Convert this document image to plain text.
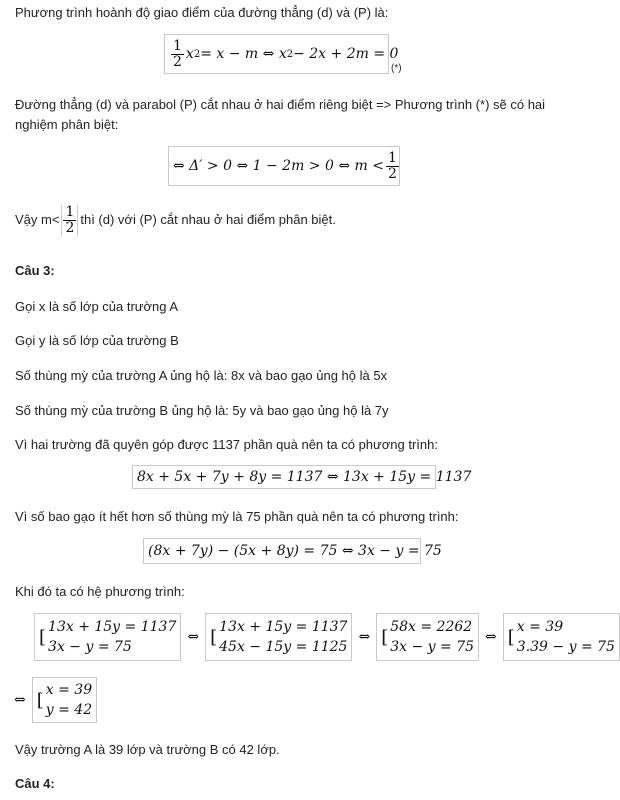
Phương trình hoành độ giao điểm của đường thẳng (d) và (P) là:
$\frac{1}{2}$ x 2 = x − m ⇔ x 2 − 2x + 2m = 0
(*)
Đường thẳng (d) và parabol (P) cắt nhau ở hai điểm riêng biệt => Phương trình (*) sẽ có hai
nghiệm phân biệt:
⇔ Δ′ > 0 ⇔ 1 − 2m > 0 ⇔ $m < \frac{1}{2}$
Vậy $m< \frac{1}{2}$ thì (d) với (P) cắt nhau ở hai điểm phân biệt.
Câu 3:
Gọi x là số lớp của trường A
Gọi y là số lớp của trường B
Số thùng mỳ của trường A ủng hộ là: 8x và bao gạo ủng hộ là 5x
Số thùng mỳ của trường B ủng hộ là: 5y và bao gạo ủng hộ là 7y
Vì hai trường đã quyên góp được 1137 phần quà nên ta có phương trình:
8x + 5x + 7y + 8y = 1137 ⇔ 13x + 15y = 1137
Vì số bao gạo ít hết hơn số thùng mỳ là 75 phần quà nên ta có phương trình:
(8x + 7y) − (5x + 8y) = 75 ⇔ 3x − y = 75
Khi đó ta có hệ phương trình:
[ 13x + 15y = 1137
3x − y = 75
⇔ [ 13x + 15y = 1137
45x − 15y = 1125
⇔ [ 58x = 2262
3x − y = 75
⇔ [ x = 39
3.39 − y = 75
⇔ [ x = 39
y = 42
Vậy trường A là 39 lớp và trường B có 42 lớp.
Câu 4:
